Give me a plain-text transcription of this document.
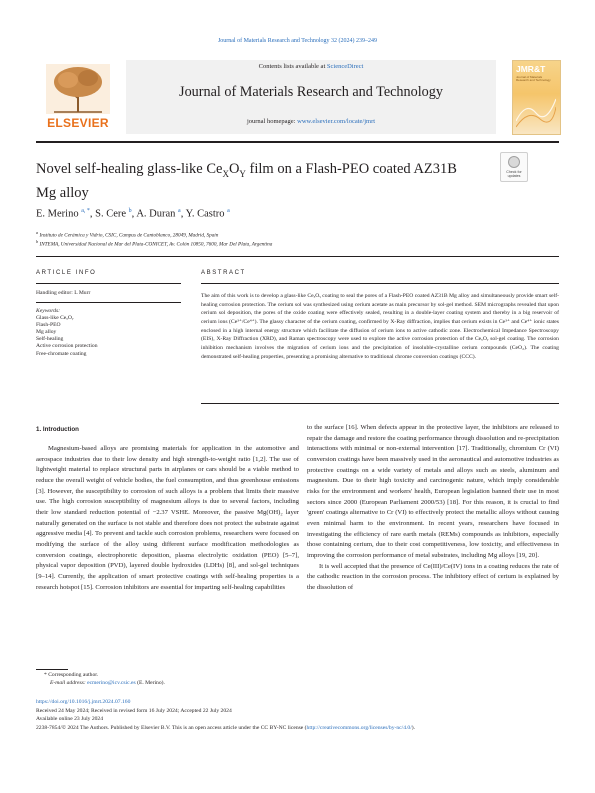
Journal of Materials Research and Technology 32 (2024) 239–249
ELSEVIER
Contents lists available at ScienceDirect
Journal of Materials Research and Technology
journal homepage: www.elsevier.com/locate/jmrt
JMR&T
Journal of Materials Research and Technology
Novel self-healing glass-like $Ce_XO_Y$ film on a Flash-PEO coated AZ31B
Mg alloy
Check for updates
E. Merino $^{a, *}$, S. Cere $^b$, A. Duran $^a$, Y. Castro $^a$
$^a$ Instituto de Cerámica y Vidrio, CSIC, Campus de Cantoblanco, 28049, Madrid, Spain
$^b$ INTEMA, Universidad Nacional de Mar del Plata-CONICET, Av. Colón 10850, 7600, Mar Del Plata, Argentina
ARTICLE INFO
Handling editor: L Murr
Keywords:
Glass-like CeₓOᵧ
Flash-PEO
Mg alloy
Self-healing
Active corrosion protection
Free-chromate coating
ABSTRACT
The aim of this work is to develop a glass-like CeₓOᵧ coating to seal the pores of a Flash-PEO coated AZ31B Mg alloy and simultaneously provide smart self-healing corrosion protection. The cerium sol was synthesized using cerium acetate as main precursor by sol-gel method. SEM micrographs revealed that upon cerium sol deposition, the pores of the oxide coating were effectively sealed, resulting in a double-layer coating system and thereby in a big reservoir of cerium ions (Ce³⁺/Ce⁴⁺). The glassy character of the cerium coating, confirmed by X-Ray diffraction, implies that cerium exists in Ce³⁺ and Ce⁴⁺ ionic states enclosed in a high internal energy structure which facilitate the diffusion of cerium ions to active cathodic zone. Electrochemical Impedance Spectroscopy (EIS), X-Ray Diffraction (XRD), and Raman spectroscopy were used to explore the active corrosion protection of the CeₓOᵧ sol-gel coating. The corrosion inhibition mechanism involves the migration of cerium ions and the precipitation of insoluble-crystalline cerium compounds (CeO₂). The coating demonstrated self-healing properties, presenting a promising alternative to traditional chrome conversion coatings (CCC).
1. Introduction

Magnesium-based alloys are promising materials for application in the automotive and aerospace industries due to their low density and high strength-to-weight ratio [1,2]. The use of lightweight material to replace structural parts in airplanes or cars should be a viable method to reduce the overall weight of vehicle bodies, the fuel consumption, and thus greenhouse emissions [3]. However, the susceptibility to corrosion of such alloys is a problem that limits their massive use. The high corrosion susceptibility of magnesium alloys is due to several factors, including their low standard reduction potential of −2.37 VSHE. Moreover, the passive Mg(OH)₂ layer naturally generated on the surface is not stable and therefore does not protect the substrate against aggressive media [4]. To prevent and tackle such corrosion problems, researchers were focused on modifying the surface of the alloy using different surface modification methodologies as conversion coatings, electrophoretic deposition, plasma electrolytic oxidation (PEO) [5–7], physical vapor deposition (PVD), layered double hydroxides (LDHs) [8], and sol-gel techniques [9–14]. Currently, the application of smart protective coatings with self-healing properties is a research hotspot [15]. Corrosion inhibitors are essential for imparting self-healing capabilities

to the surface [16]. When defects appear in the protective layer, the inhibitors are released to repair the damage and restore the coating performance through dissolution and re-precipitation interactions with minimal or non-external intervention [17]. Traditionally, chromium Cr (VI) conversion coatings have been massively used in the aeronautical and automotive industries as protective coatings on a wide variety of metals and alloys such as steels, aluminum and magnesium. Due to their high toxicity and carcinogenic nature, which imply considerable risks for the environment and workers' health, European legislation banned their use in most sectors since 2000 (European Parliament 2000/53) [18]. For this reason, it is crucial to find 'green' coatings alternative to Cr (VI) to effectively protect the metallic alloys without causing even minimal harm to the environment. In recent years, researchers have focused in investigating the efficiency of rare earth metals (REMs) compounds as inhibitors, especially those containing cerium, due to their cost competitiveness, low toxicity, and effectiveness in improving the corrosion performance of metal substrates, including Mg alloys [19, 20].

It is well accepted that the presence of Ce(III)/Ce(IV) ions in a coating reduces the rate of the cathodic reaction in the corrosion process. The inhibitory effect of cerium is explained by the dissolution of

* Corresponding author.
E-mail address: ecmerino@icv.csic.es (E. Merino).
https://doi.org/10.1016/j.jmrt.2024.07.160
Received 24 May 2024; Received in revised form 16 July 2024; Accepted 22 July 2024
Available online 23 July 2024
2238-7854/© 2024 The Authors. Published by Elsevier B.V. This is an open access article under the CC BY-NC license (http://creativecommons.org/licenses/by-nc/4.0/).
